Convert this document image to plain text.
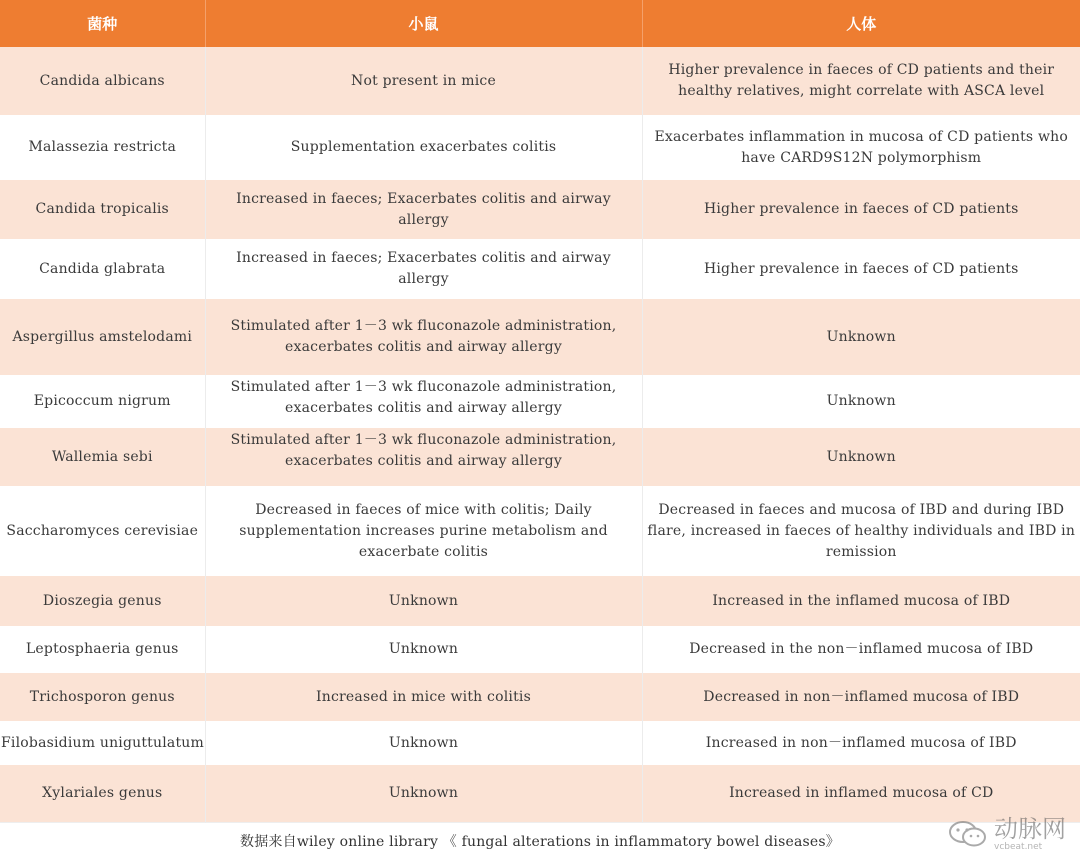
菌种	小鼠	人体
Candida albicans	Not present in mice	Higher prevalence in faeces of CD patients and their healthy relatives, might correlate with ASCA level
Malassezia restricta	Supplementation exacerbates colitis	Exacerbates inflammation in mucosa of CD patients who have CARD9S12N polymorphism
Candida tropicalis	Increased in faeces; Exacerbates colitis and airway allergy	Higher prevalence in faeces of CD patients
Candida glabrata	Increased in faeces; Exacerbates colitis and airway allergy	Higher prevalence in faeces of CD patients
Aspergillus amstelodami	Stimulated after 1－3 wk fluconazole administration, exacerbates colitis and airway allergy	Unknown
Epicoccum nigrum	Stimulated after 1－3 wk fluconazole administration, exacerbates colitis and airway allergy	Unknown
Wallemia sebi	Stimulated after 1－3 wk fluconazole administration, exacerbates colitis and airway allergy	Unknown
Saccharomyces cerevisiae	Decreased in faeces of mice with colitis; Daily supplementation increases purine metabolism and exacerbate colitis	Decreased in faeces and mucosa of IBD and during IBD flare, increased in faeces of healthy individuals and IBD in remission
Dioszegia genus	Unknown	Increased in the inflamed mucosa of IBD
Leptosphaeria genus	Unknown	Decreased in the non－inflamed mucosa of IBD
Trichosporon genus	Increased in mice with colitis	Decreased in non－inflamed mucosa of IBD

Filobasidium uniguttulatum	Unknown	Increased in non－inflamed mucosa of IBD
Xylariales genus	Unknown	Increased in inflamed mucosa of CD
数据来自wiley online library 《 fungal alterations in inflammatory bowel diseases》			动脉网
vcbeat.net
